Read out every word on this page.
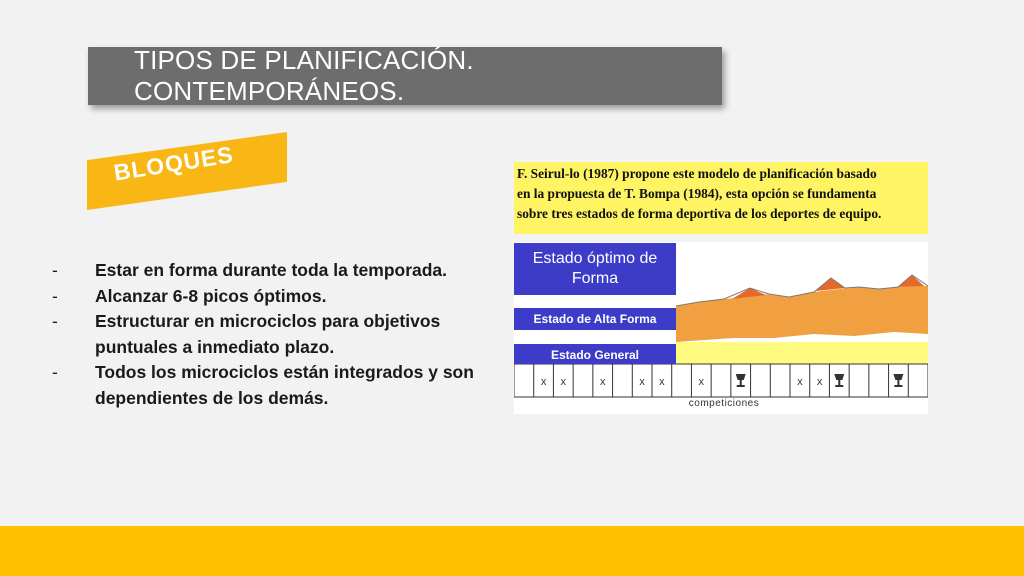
TIPOS DE PLANIFICACIÓN. CONTEMPORÁNEOS.
BLOQUES
- Estar en forma durante toda la temporada.
- Alcanzar 6-8 picos óptimos.
- Estructurar en microciclos para objetivos puntuales a inmediato plazo.
- Todos los microciclos están integrados y son dependientes de los demás.
F. Seirul-lo (1987) propone este modelo de planificación basado
en la propuesta de T. Bompa (1984), esta opción se fundamenta
sobre tres estados de forma deportiva de los deportes de equipo.
x x	x	x x	x	x x
Estado óptimo de Forma
Estado de Alta Forma
Estado General
competiciones
